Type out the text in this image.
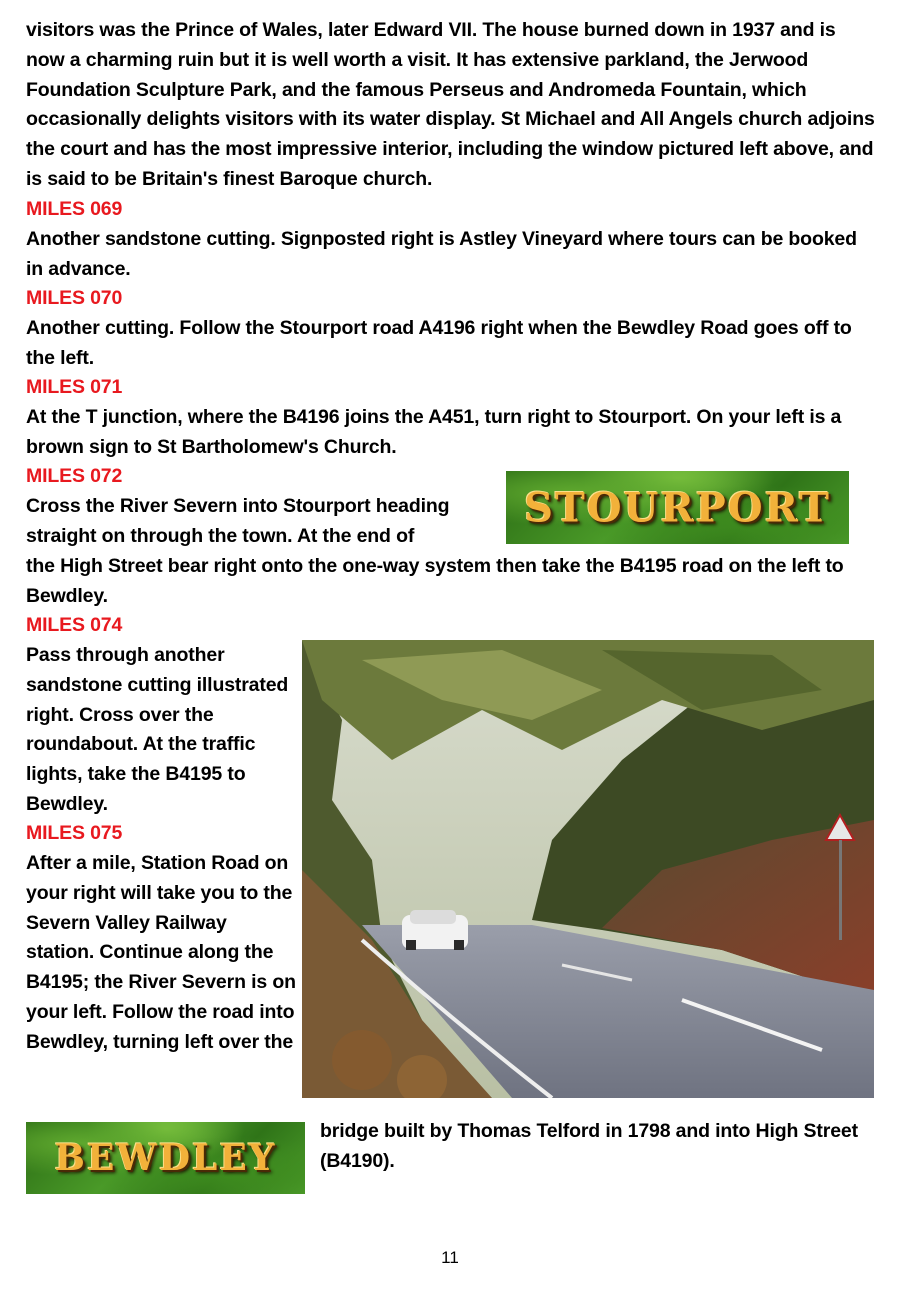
visitors was the Prince of Wales, later Edward VII. The house burned down in 1937 and is now a charming ruin but it is well worth a visit. It has extensive parkland, the Jerwood Foundation Sculpture Park, and the famous Perseus and Andromeda Fountain, which occasionally delights visitors with its water display. St Michael and All Angels church adjoins the court and has the most impressive interior, including the window pictured left above, and is said to be Britain's finest Baroque church.

MILES 069

Another sandstone cutting. Signposted right is Astley Vineyard where tours can be booked in advance.

MILES 070

Another cutting. Follow the Stourport road A4196 right when the Bewdley Road goes off to the left.

MILES 071

At the T junction, where the B4196 joins the A451, turn right to Stourport. On your left is a brown sign to St Bartholomew's Church.

MILES 072

Cross the River Severn into Stourport heading straight on through the town. At the end of

STOURPORT

the High Street bear right onto the one-way system then take the B4195 road on the left to Bewdley.

MILES 074

Pass through another sandstone cutting illustrated right. Cross over the roundabout. At the traffic lights, take the B4195 to Bewdley.

MILES 075

After a mile, Station Road on your right will take you to the Severn Valley Railway station. Continue along the B4195; the River Severn is on your left. Follow the road into Bewdley, turning left over the

BEWDLEY

bridge built by Thomas Telford in 1798 and into High Street (B4190).

11
